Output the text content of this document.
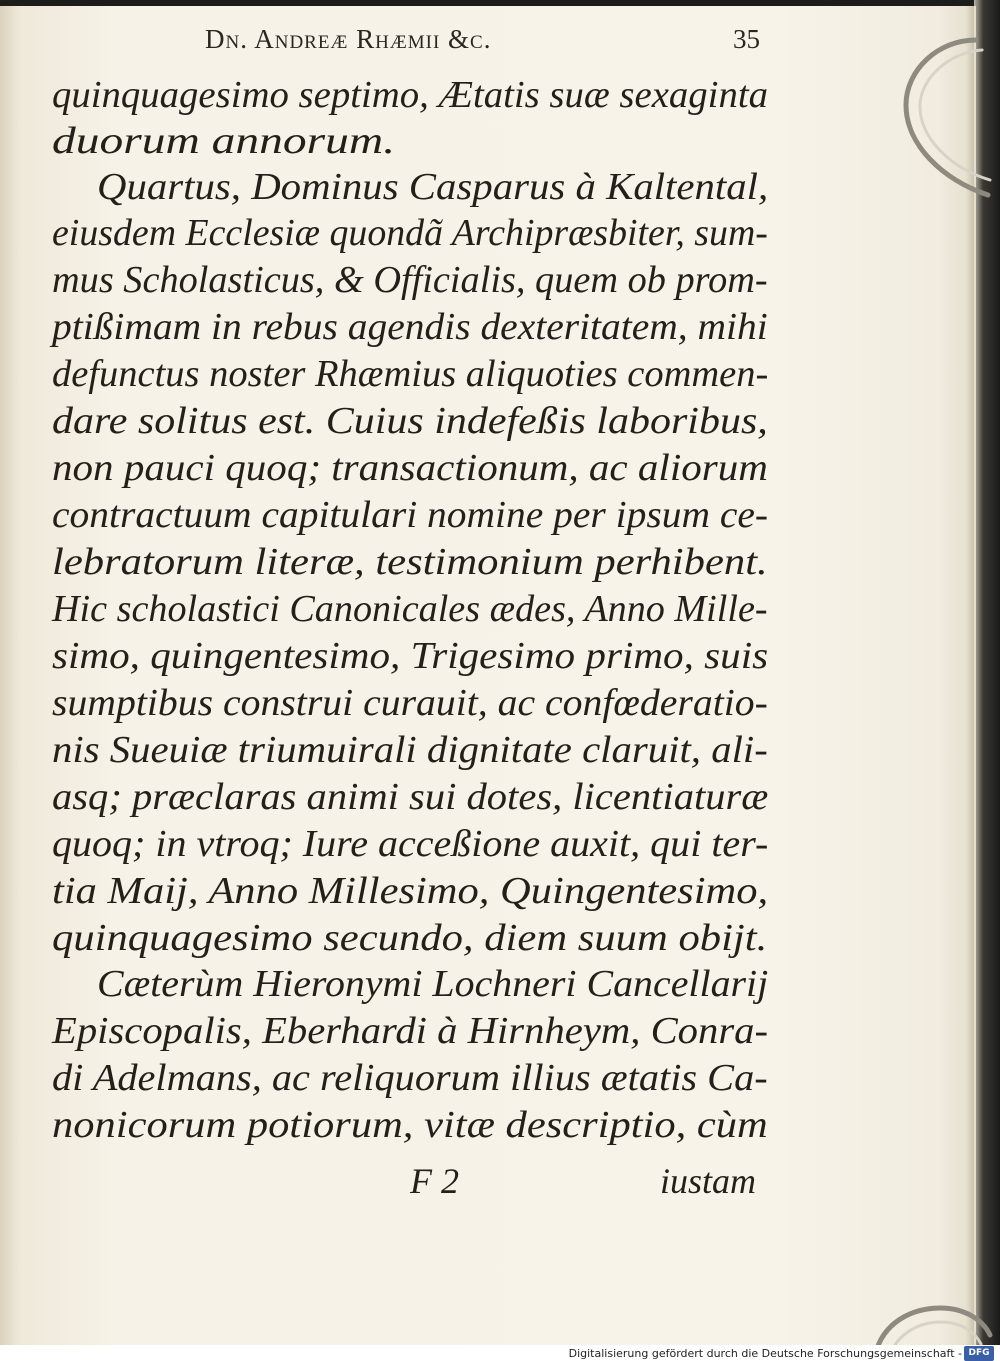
Dn. Andreæ Rhæmii &c.	35
quinquagesimo septimo, Ætatis suæ sexaginta
duorum annorum.
Quartus, Dominus Casparus à Kaltental,
eiusdem Ecclesiæ quondã Archipræsbiter, sum-
mus Scholasticus, & Officialis, quem ob prom-
ptißimam in rebus agendis dexteritatem, mihi
defunctus noster Rhæmius aliquoties commen-
dare solitus est. Cuius indefeßis laboribus,
non pauci quoq; transactionum, ac aliorum
contractuum capitulari nomine per ipsum ce-
lebratorum literæ, testimonium perhibent.
Hic scholastici Canonicales ædes, Anno Mille-
simo, quingentesimo, Trigesimo primo, suis
sumptibus construi curauit, ac confœderatio-
nis Sueuiæ triumuirali dignitate claruit, ali-
asq; præclaras animi sui dotes, licentiaturæ
quoq; in vtroq; Iure acceßione auxit, qui ter-
tia Maij, Anno Millesimo, Quingentesimo,
quinquagesimo secundo, diem suum obijt.
Cæterùm Hieronymi Lochneri Cancellarij
Episcopalis, Eberhardi à Hirnheym, Conra-
di Adelmans, ac reliquorum illius ætatis Ca-
nonicorum potiorum, vitæ descriptio, cùm
F 2	iustam
Digitalisierung gefördert durch die Deutsche Forschungsgemeinschaft - DFG
